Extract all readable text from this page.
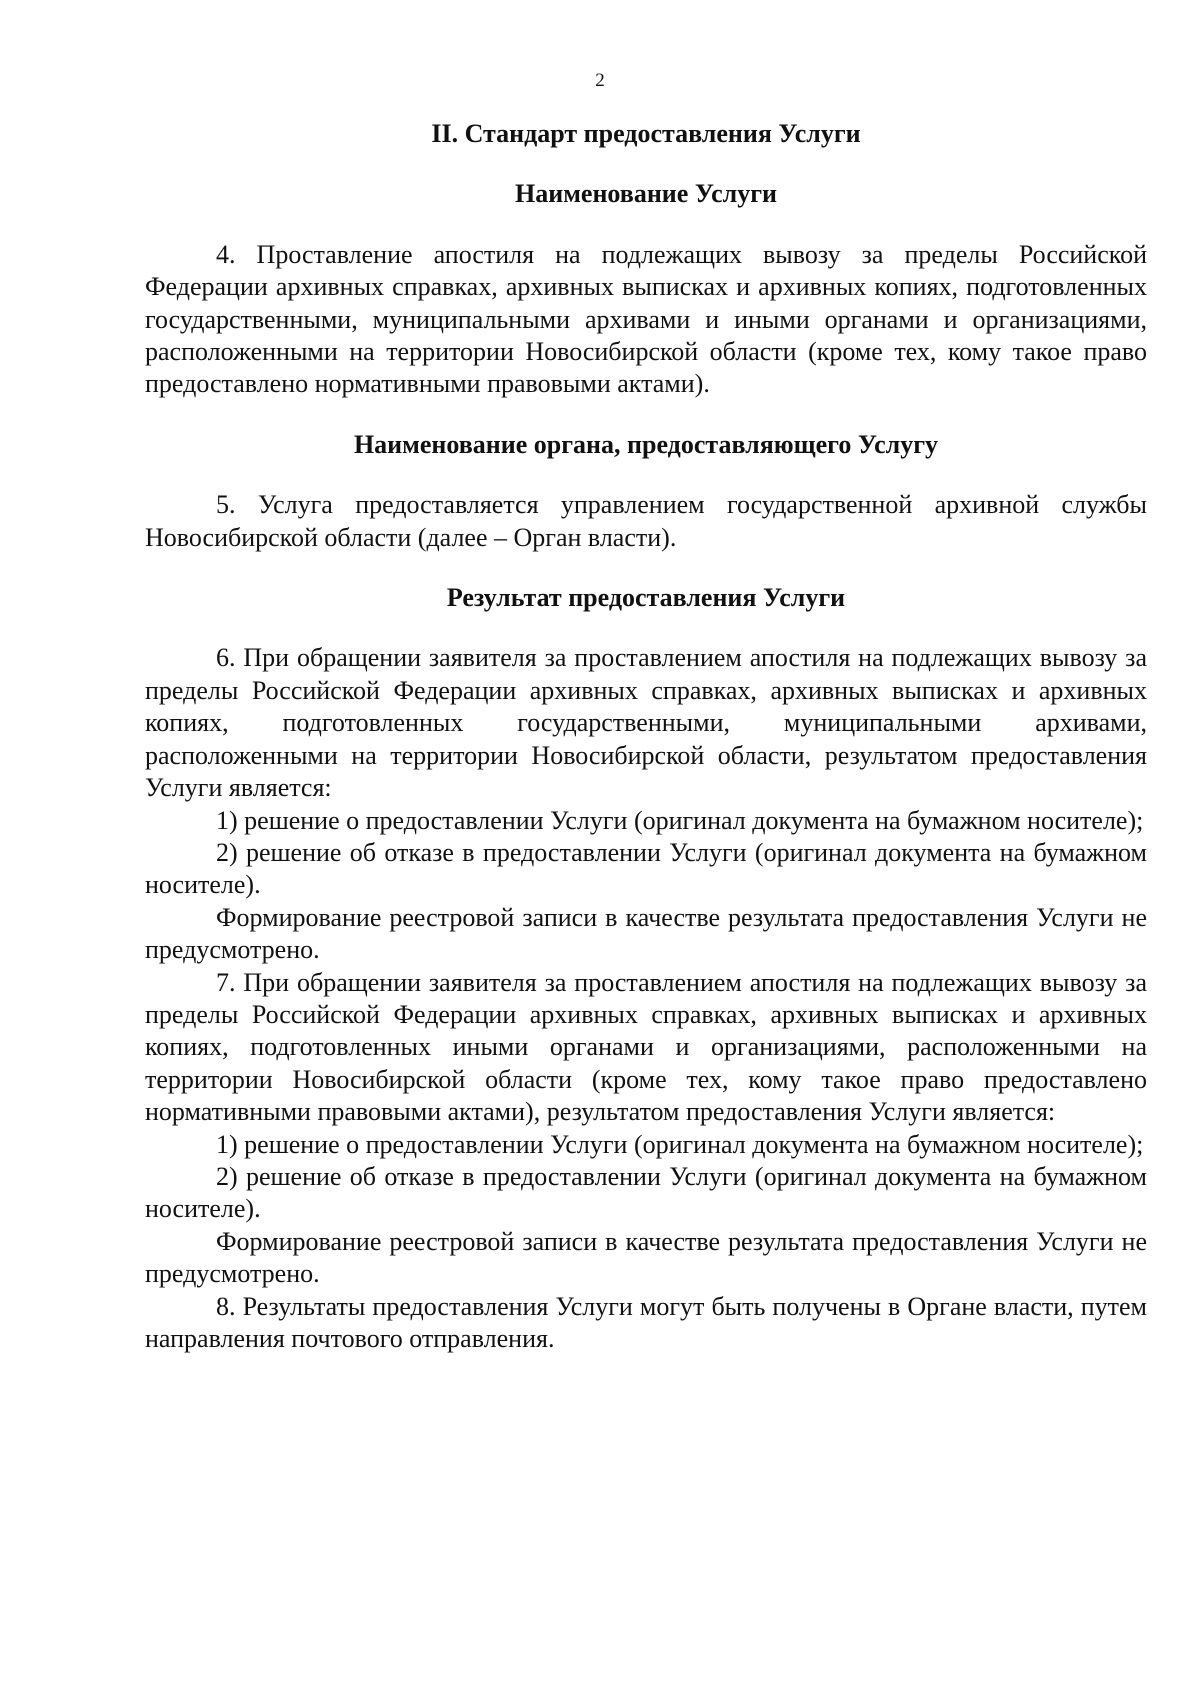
2
II. Стандарт предоставления Услуги
Наименование Услуги

4. Проставление апостиля на подлежащих вывозу за пределы Российской Федерации архивных справках, архивных выписках и архивных копиях, подготовленных государственными, муниципальными архивами и иными органами и организациями, расположенными на территории Новосибирской области (кроме тех, кому такое право предоставлено нормативными правовыми актами).

Наименование органа, предоставляющего Услугу

5. Услуга предоставляется управлением государственной архивной службы Новосибирской области (далее – Орган власти).

Результат предоставления Услуги

6. При обращении заявителя за проставлением апостиля на подлежащих вывозу за пределы Российской Федерации архивных справках, архивных выписках и архивных копиях, подготовленных государственными, муниципальными архивами, расположенными на территории Новосибирской области, результатом предоставления Услуги является:

1) решение о предоставлении Услуги (оригинал документа на бумажном носителе);

2) решение об отказе в предоставлении Услуги (оригинал документа на бумажном носителе).

Формирование реестровой записи в качестве результата предоставления Услуги не предусмотрено.

7. При обращении заявителя за проставлением апостиля на подлежащих вывозу за пределы Российской Федерации архивных справках, архивных выписках и архивных копиях, подготовленных иными органами и организациями, расположенными на территории Новосибирской области (кроме тех, кому такое право предоставлено нормативными правовыми актами), результатом предоставления Услуги является:

1) решение о предоставлении Услуги (оригинал документа на бумажном носителе);

2) решение об отказе в предоставлении Услуги (оригинал документа на бумажном носителе).

Формирование реестровой записи в качестве результата предоставления Услуги не предусмотрено.

8. Результаты предоставления Услуги могут быть получены в Органе власти, путем направления почтового отправления.
